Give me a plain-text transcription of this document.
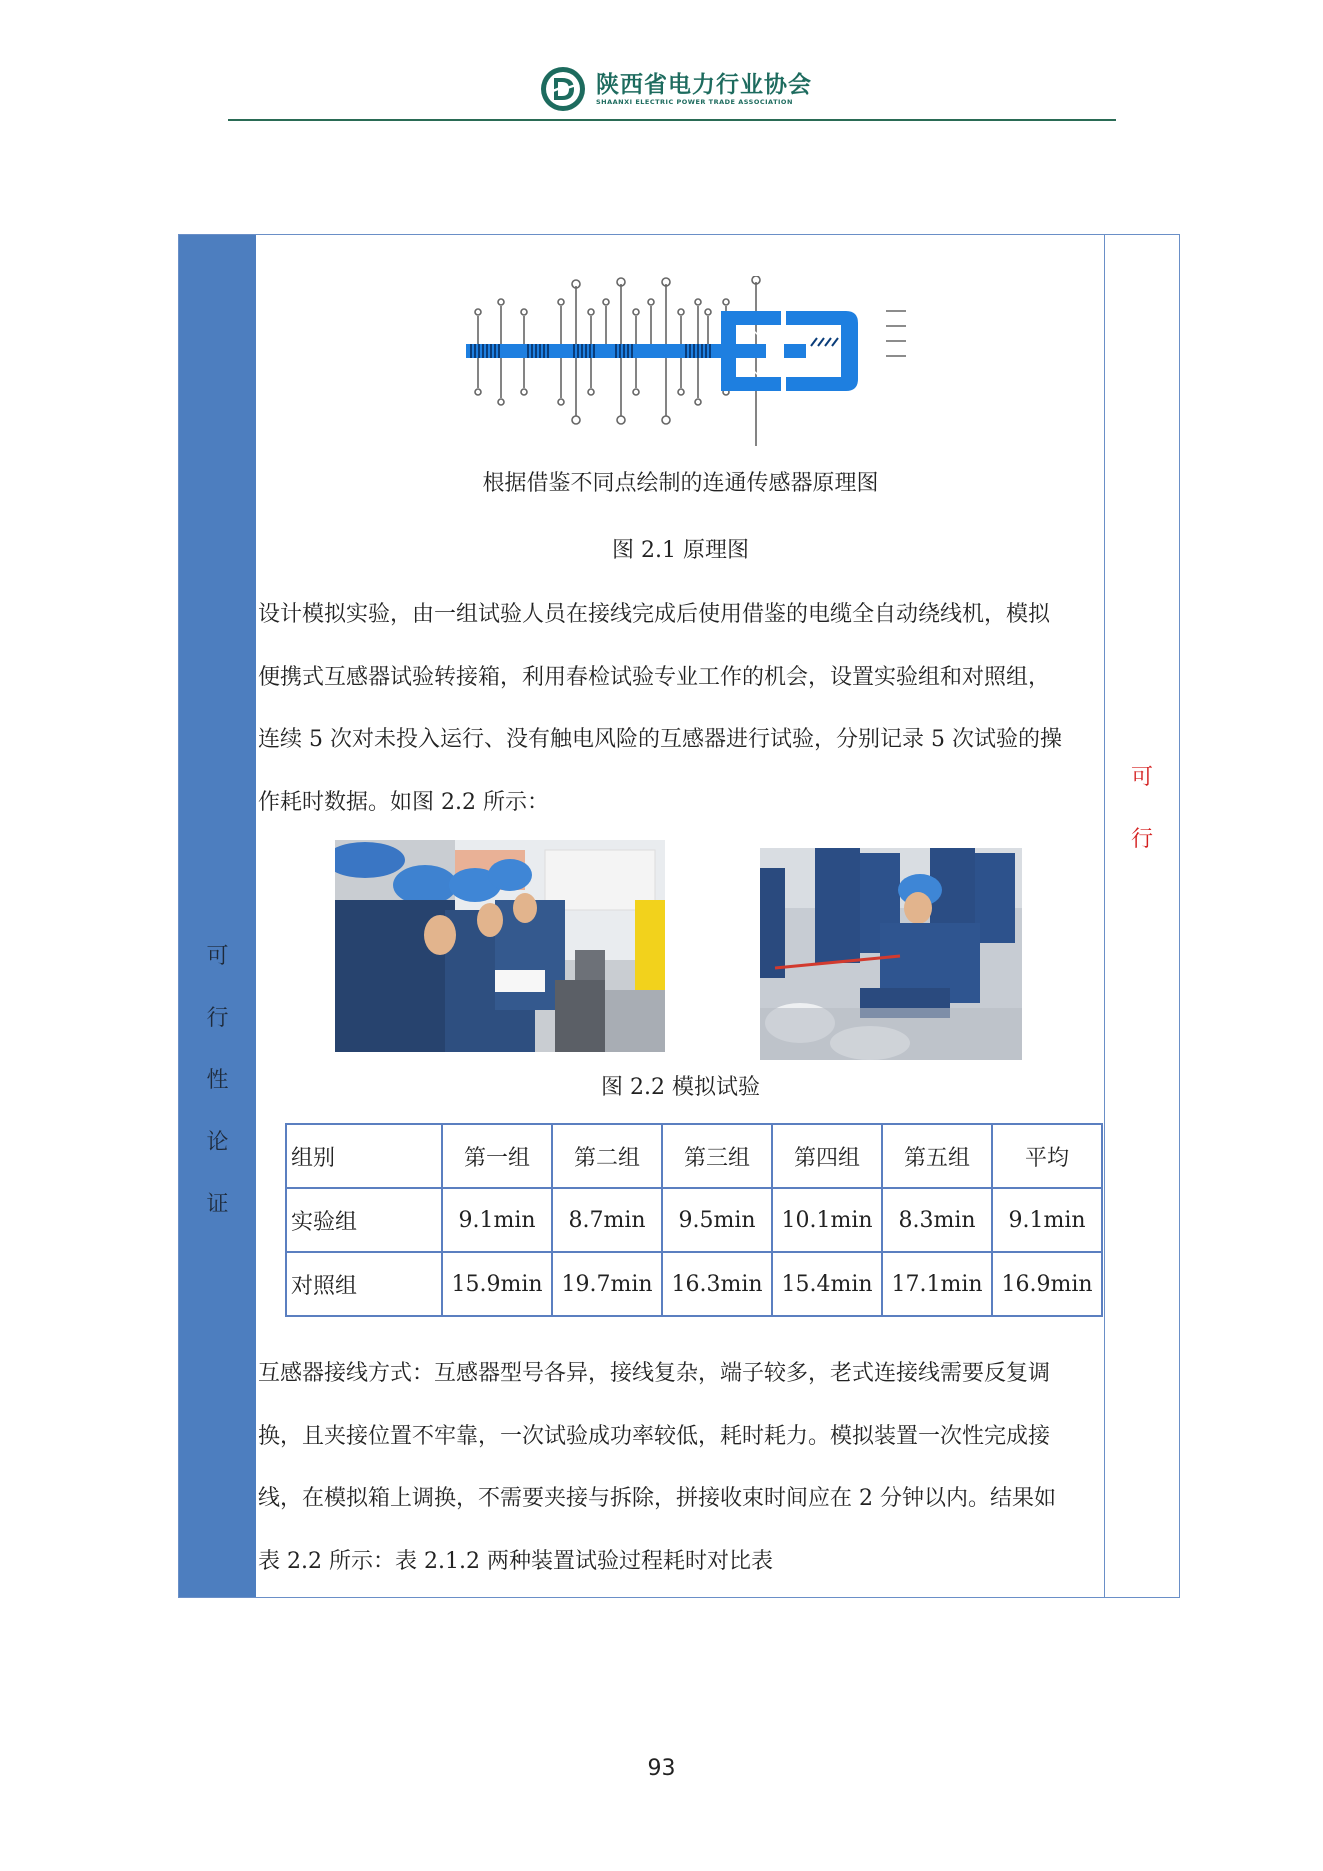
陕西省电力行业协会
SHAANXI ELECTRIC POWER TRADE ASSOCIATION
可
行
性
论
证
可
行
根据借鉴不同点绘制的连通传感器原理图
图 2.1 原理图
设计模拟实验，由一组试验人员在接线完成后使用借鉴的电缆全自动绕线机，模拟
便携式互感器试验转接箱，利用春检试验专业工作的机会，设置实验组和对照组，
连续 5 次对未投入运行、没有触电风险的互感器进行试验，分别记录 5 次试验的操
作耗时数据。如图 2.2 所示：
图 2.2 模拟试验
组别	第一组	第二组	第三组	第四组	第五组	平均
实验组	9.1min	8.7min	9.5min	10.1min	8.3min	9.1min
对照组	15.9min	19.7min	16.3min	15.4min	17.1min	16.9min
互感器接线方式：互感器型号各异，接线复杂，端子较多，老式连接线需要反复调
换，且夹接位置不牢靠，一次试验成功率较低，耗时耗力。模拟装置一次性完成接
线，在模拟箱上调换，不需要夹接与拆除，拼接收束时间应在 2 分钟以内。结果如
表 2.2 所示：表 2.1.2 两种装置试验过程耗时对比表
93
